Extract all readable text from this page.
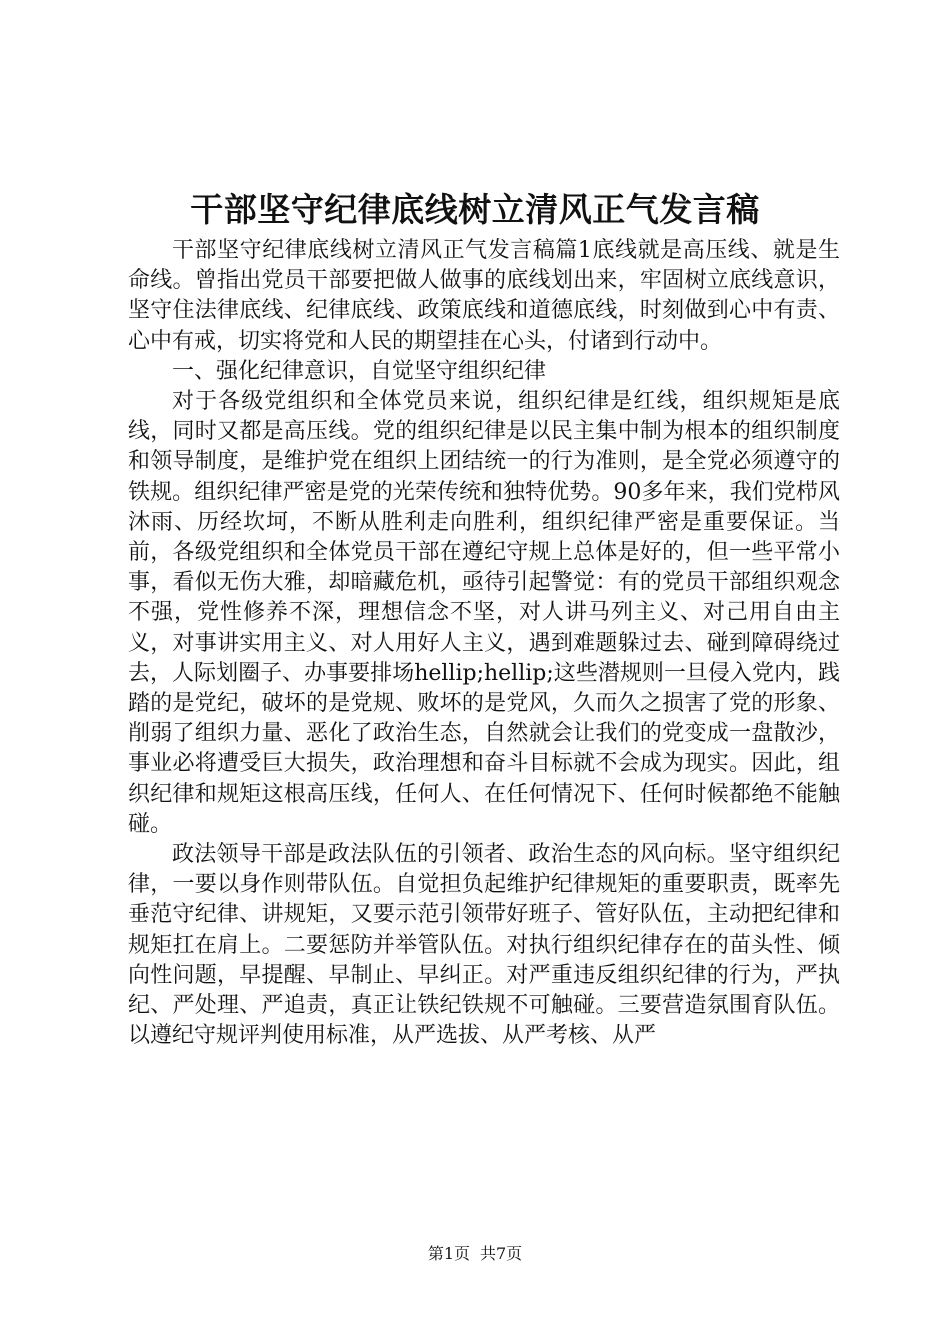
干部坚守纪律底线树立清风正气发言稿

干部坚守纪律底线树立清风正气发言稿篇1底线就是高压线、就是生命线。曾指出党员干部要把做人做事的底线划出来，牢固树立底线意识，坚守住法律底线、纪律底线、政策底线和道德底线，时刻做到心中有责、心中有戒，切实将党和人民的期望挂在心头，付诸到行动中。

一、强化纪律意识，自觉坚守组织纪律

对于各级党组织和全体党员来说，组织纪律是红线，组织规矩是底线，同时又都是高压线。党的组织纪律是以民主集中制为根本的组织制度和领导制度，是维护党在组织上团结统一的行为准则，是全党必须遵守的铁规。组织纪律严密是党的光荣传统和独特优势。90多年来，我们党栉风沐雨、历经坎坷，不断从胜利走向胜利，组织纪律严密是重要保证。当前，各级党组织和全体党员干部在遵纪守规上总体是好的，但一些平常小事，看似无伤大雅，却暗藏危机，亟待引起警觉：有的党员干部组织观念不强，党性修养不深，理想信念不坚，对人讲马列主义、对己用自由主义，对事讲实用主义、对人用好人主义，遇到难题躲过去、碰到障碍绕过去，人际划圈子、办事要排场hellip;hellip;这些潜规则一旦侵入党内，践踏的是党纪，破坏的是党规、败坏的是党风，久而久之损害了党的形象、削弱了组织力量、恶化了政治生态，自然就会让我们的党变成一盘散沙，事业必将遭受巨大损失，政治理想和奋斗目标就不会成为现实。因此，组织纪律和规矩这根高压线，任何人、在任何情况下、任何时候都绝不能触碰。

政法领导干部是政法队伍的引领者、政治生态的风向标。坚守组织纪律，一要以身作则带队伍。自觉担负起维护纪律规矩的重要职责，既率先垂范守纪律、讲规矩，又要示范引领带好班子、管好队伍，主动把纪律和规矩扛在肩上。二要惩防并举管队伍。对执行组织纪律存在的苗头性、倾向性问题，早提醒、早制止、早纠正。对严重违反组织纪律的行为，严执纪、严处理、严追责，真正让铁纪铁规不可触碰。三要营造氛围育队伍。以遵纪守规评判使用标准，从严选拔、从严考核、从严

第1页 共7页
